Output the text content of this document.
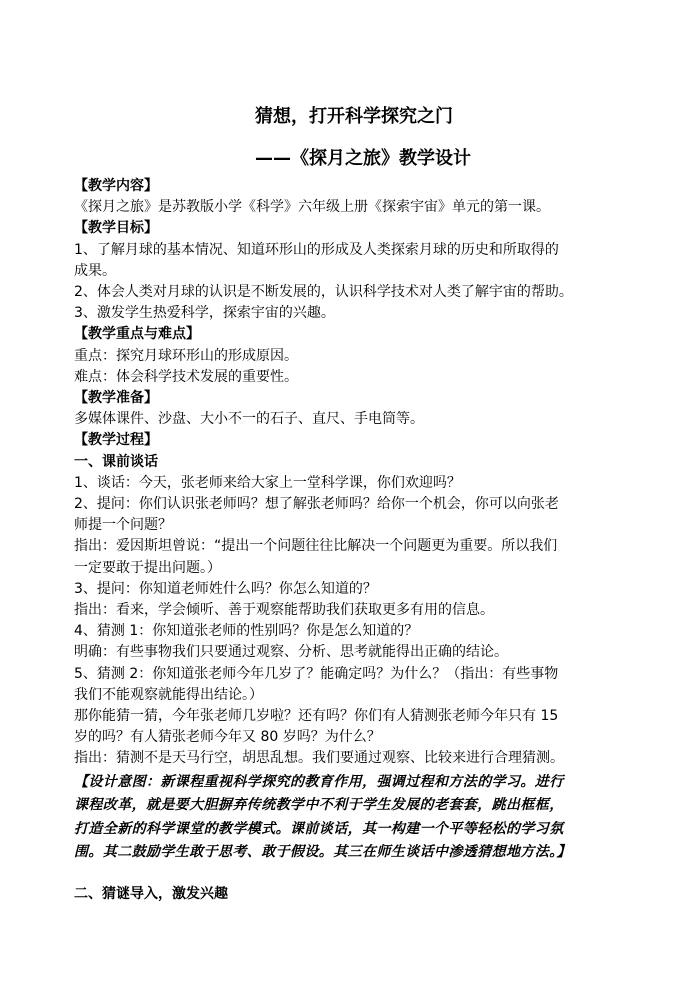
猜想，打开科学探究之门
——《探月之旅》教学设计
【教学内容】
《探月之旅》是苏教版小学《科学》六年级上册《探索宇宙》单元的第一课。
【教学目标】
1、了解月球的基本情况、知道环形山的形成及人类探索月球的历史和所取得的
成果。
2、体会人类对月球的认识是不断发展的，认识科学技术对人类了解宇宙的帮助。
3、激发学生热爱科学，探索宇宙的兴趣。
【教学重点与难点】
重点：探究月球环形山的形成原因。
难点：体会科学技术发展的重要性。
【教学准备】
多媒体课件、沙盘、大小不一的石子、直尺、手电筒等。
【教学过程】
一、课前谈话
1、谈话：今天，张老师来给大家上一堂科学课，你们欢迎吗？
2、提问：你们认识张老师吗？想了解张老师吗？给你一个机会，你可以向张老
师提一个问题？
指出：爱因斯坦曾说：“提出一个问题往往比解决一个问题更为重要。所以我们
一定要敢于提出问题。）
3、提问：你知道老师姓什么吗？你怎么知道的？
指出：看来，学会倾听、善于观察能帮助我们获取更多有用的信息。
4、猜测 1：你知道张老师的性别吗？你是怎么知道的？
明确：有些事物我们只要通过观察、分析、思考就能得出正确的结论。
5、猜测 2：你知道张老师今年几岁了？能确定吗？为什么？（指出：有些事物
我们不能观察就能得出结论。）
那你能猜一猜，今年张老师几岁啦？还有吗？你们有人猜测张老师今年只有 15
岁的吗？有人猜张老师今年又 80 岁吗？为什么？
指出：猜测不是天马行空，胡思乱想。我们要通过观察、比较来进行合理猜测。
【设计意图：新课程重视科学探究的教育作用，强调过程和方法的学习。进行
课程改革，就是要大胆摒弃传统教学中不利于学生发展的老套套，跳出框框，
打造全新的科学课堂的教学模式。课前谈话，其一构建一个平等轻松的学习氛
围。其二鼓励学生敢于思考、敢于假设。其三在师生谈话中渗透猜想地方法。】
二、猜谜导入，激发兴趣
